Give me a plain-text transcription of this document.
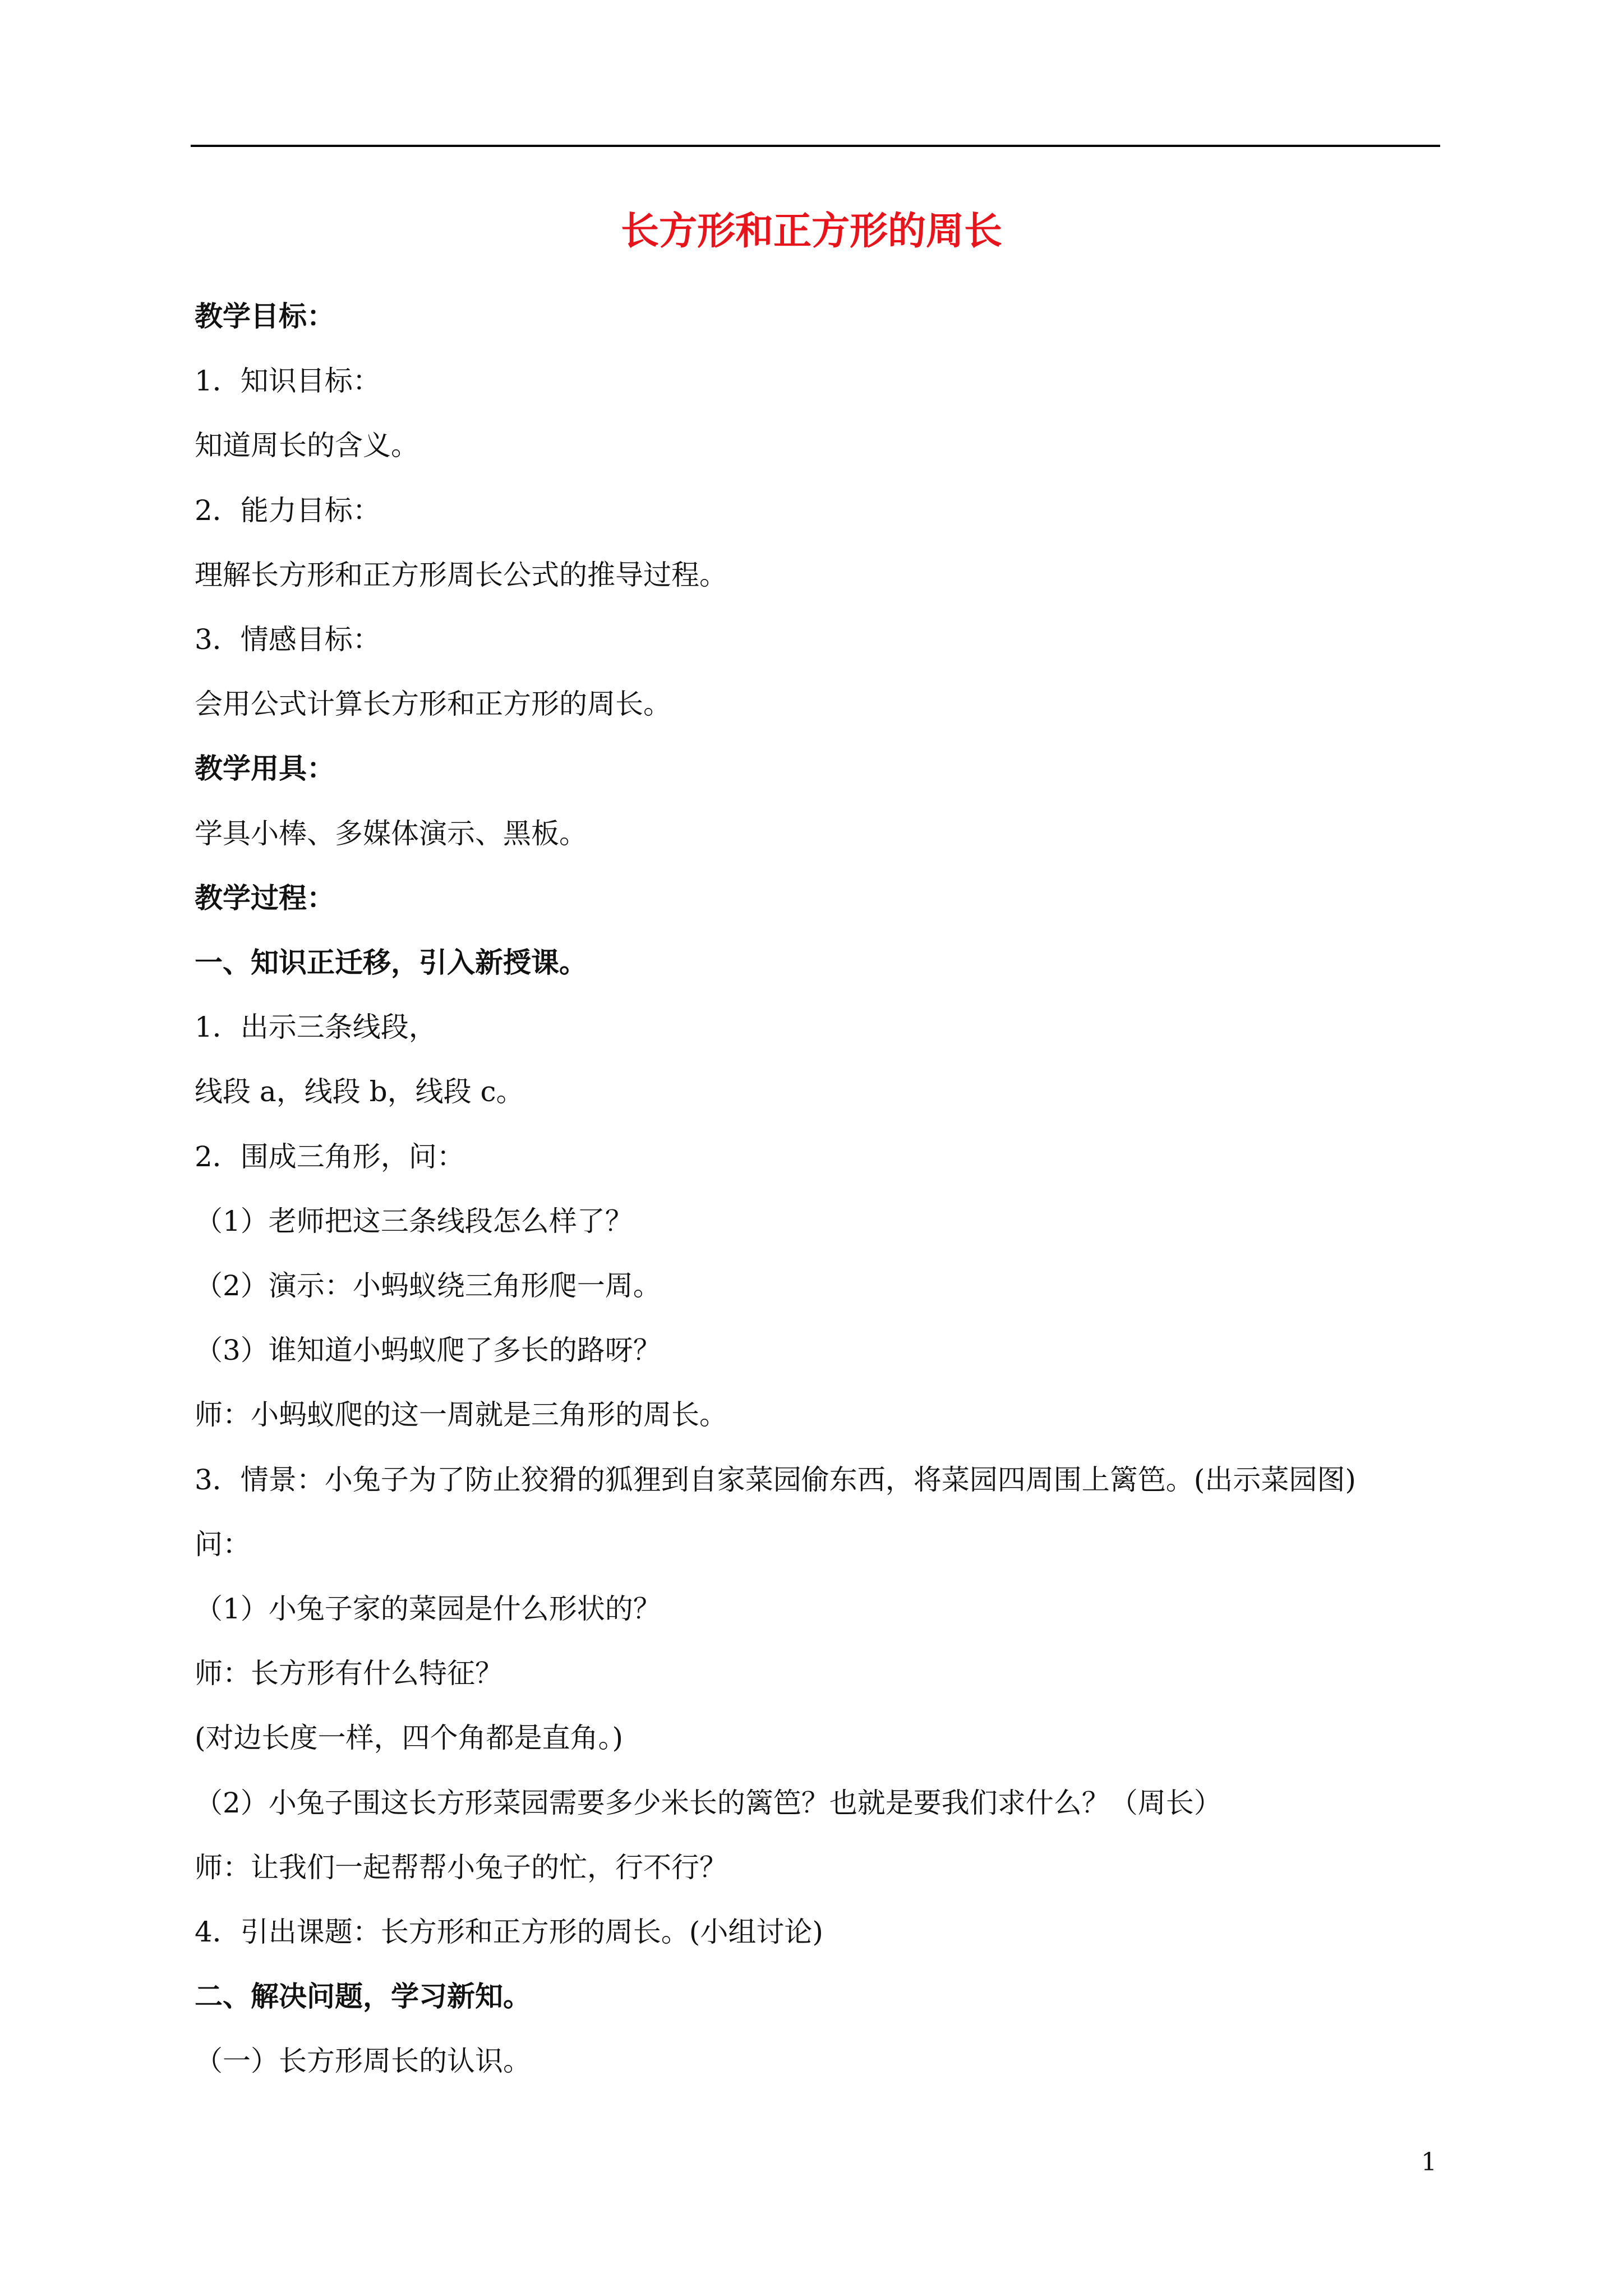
长方形和正方形的周长
教学目标：
1．知识目标：
知道周长的含义。
2．能力目标：
理解长方形和正方形周长公式的推导过程。
3．情感目标：
会用公式计算长方形和正方形的周长。
教学用具：
学具小棒、多媒体演示、黑板。
教学过程：
一、知识正迁移，引入新授课。
1．出示三条线段，
线段 a，线段 b，线段 c。
2．围成三角形，问：
（1）老师把这三条线段怎么样了？
（2）演示：小蚂蚁绕三角形爬一周。
（3）谁知道小蚂蚁爬了多长的路呀？
师：小蚂蚁爬的这一周就是三角形的周长。
3．情景：小兔子为了防止狡猾的狐狸到自家菜园偷东西，将菜园四周围上篱笆。(出示菜园图)
问：
（1）小兔子家的菜园是什么形状的？
师：长方形有什么特征？
(对边长度一样，四个角都是直角。)
（2）小兔子围这长方形菜园需要多少米长的篱笆？也就是要我们求什么？（周长）
师：让我们一起帮帮小兔子的忙，行不行？
4．引出课题：长方形和正方形的周长。(小组讨论)
二、解决问题，学习新知。
（一）长方形周长的认识。
1
